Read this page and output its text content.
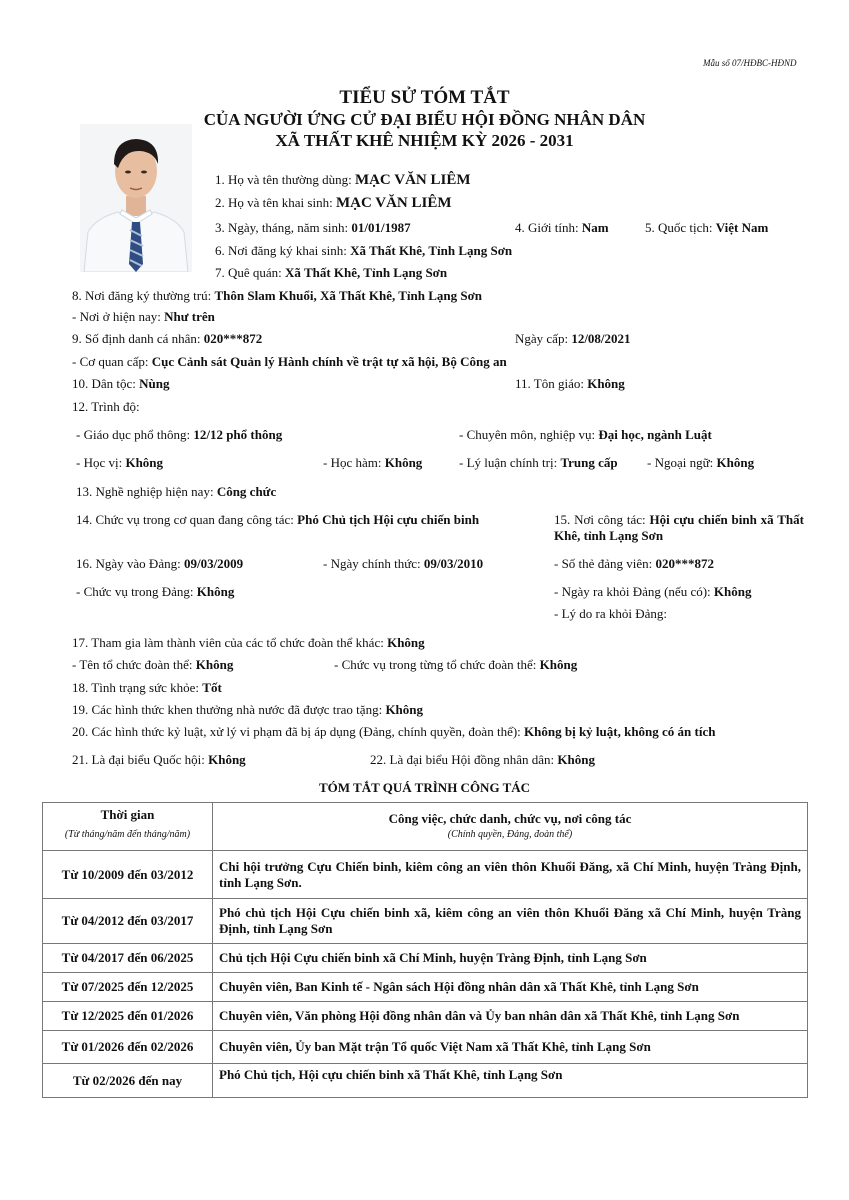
Mẫu số 07/HĐBC-HĐND
TIỂU SỬ TÓM TẮT
CỦA NGƯỜI ỨNG CỬ ĐẠI BIỂU HỘI ĐỒNG NHÂN DÂN
XÃ THẤT KHÊ NHIỆM KỲ 2026 - 2031
1. Họ và tên thường dùng: MẠC VĂN LIÊM
2. Họ và tên khai sinh: MẠC VĂN LIÊM
3. Ngày, tháng, năm sinh: 01/01/1987	4. Giới tính: Nam	5. Quốc tịch: Việt Nam
6. Nơi đăng ký khai sinh: Xã Thất Khê, Tỉnh Lạng Sơn
7. Quê quán: Xã Thất Khê, Tỉnh Lạng Sơn
8. Nơi đăng ký thường trú: Thôn Slam Khuổi, Xã Thất Khê, Tỉnh Lạng Sơn
- Nơi ở hiện nay: Như trên
9. Số định danh cá nhân: 020***872	Ngày cấp: 12/08/2021
- Cơ quan cấp: Cục Cảnh sát Quản lý Hành chính về trật tự xã hội, Bộ Công an
10. Dân tộc: Nùng	11. Tôn giáo: Không
12. Trình độ:
- Giáo dục phổ thông: 12/12 phổ thông	- Chuyên môn, nghiệp vụ: Đại học, ngành Luật
- Học vị: Không	- Học hàm: Không	- Lý luận chính trị: Trung cấp - Ngoại ngữ: Không
13. Nghề nghiệp hiện nay: Công chức
14. Chức vụ trong cơ quan đang công tác: Phó Chủ tịch Hội cựu chiến binh	15. Nơi công tác: Hội cựu chiến binh xã Thất Khê, tỉnh Lạng Sơn
16. Ngày vào Đảng: 09/03/2009	- Ngày chính thức: 09/03/2010	- Số thẻ đảng viên: 020***872
- Chức vụ trong Đảng: Không	- Ngày ra khỏi Đảng (nếu có): Không
- Lý do ra khỏi Đảng:
17. Tham gia làm thành viên của các tổ chức đoàn thể khác: Không
- Tên tổ chức đoàn thể: Không	- Chức vụ trong từng tổ chức đoàn thể: Không
18. Tình trạng sức khỏe: Tốt
19. Các hình thức khen thưởng nhà nước đã được trao tặng: Không
20. Các hình thức kỷ luật, xử lý vi phạm đã bị áp dụng (Đảng, chính quyền, đoàn thể): Không bị kỷ luật, không có án tích
21. Là đại biểu Quốc hội: Không	22. Là đại biểu Hội đồng nhân dân: Không
TÓM TẮT QUÁ TRÌNH CÔNG TÁC
Thời gian
(Từ tháng/năm đến tháng/năm)	Công việc, chức danh, chức vụ, nơi công tác
(Chính quyền, Đảng, đoàn thể)

Từ 10/2009 đến 03/2012	Chi hội trưởng Cựu Chiến binh, kiêm công an viên thôn Khuổi Đăng, xã Chí Minh, huyện Tràng Định, tỉnh Lạng Sơn.
Từ 04/2012 đến 03/2017	Phó chủ tịch Hội Cựu chiến binh xã, kiêm công an viên thôn Khuổi Đăng xã Chí Minh, huyện Tràng Định, tỉnh Lạng Sơn
Từ 04/2017 đến 06/2025	Chủ tịch Hội Cựu chiến binh xã Chí Minh, huyện Tràng Định, tỉnh Lạng Sơn
Từ 07/2025 đến 12/2025	Chuyên viên, Ban Kinh tế - Ngân sách Hội đồng nhân dân xã Thất Khê, tỉnh Lạng Sơn
Từ 12/2025 đến 01/2026	Chuyên viên, Văn phòng Hội đồng nhân dân và Ủy ban nhân dân xã Thất Khê, tỉnh Lạng Sơn
Từ 01/2026 đến 02/2026	Chuyên viên, Ủy ban Mặt trận Tổ quốc Việt Nam xã Thất Khê, tỉnh Lạng Sơn
Từ 02/2026 đến nay	Phó Chủ tịch, Hội cựu chiến binh xã Thất Khê, tỉnh Lạng Sơn
